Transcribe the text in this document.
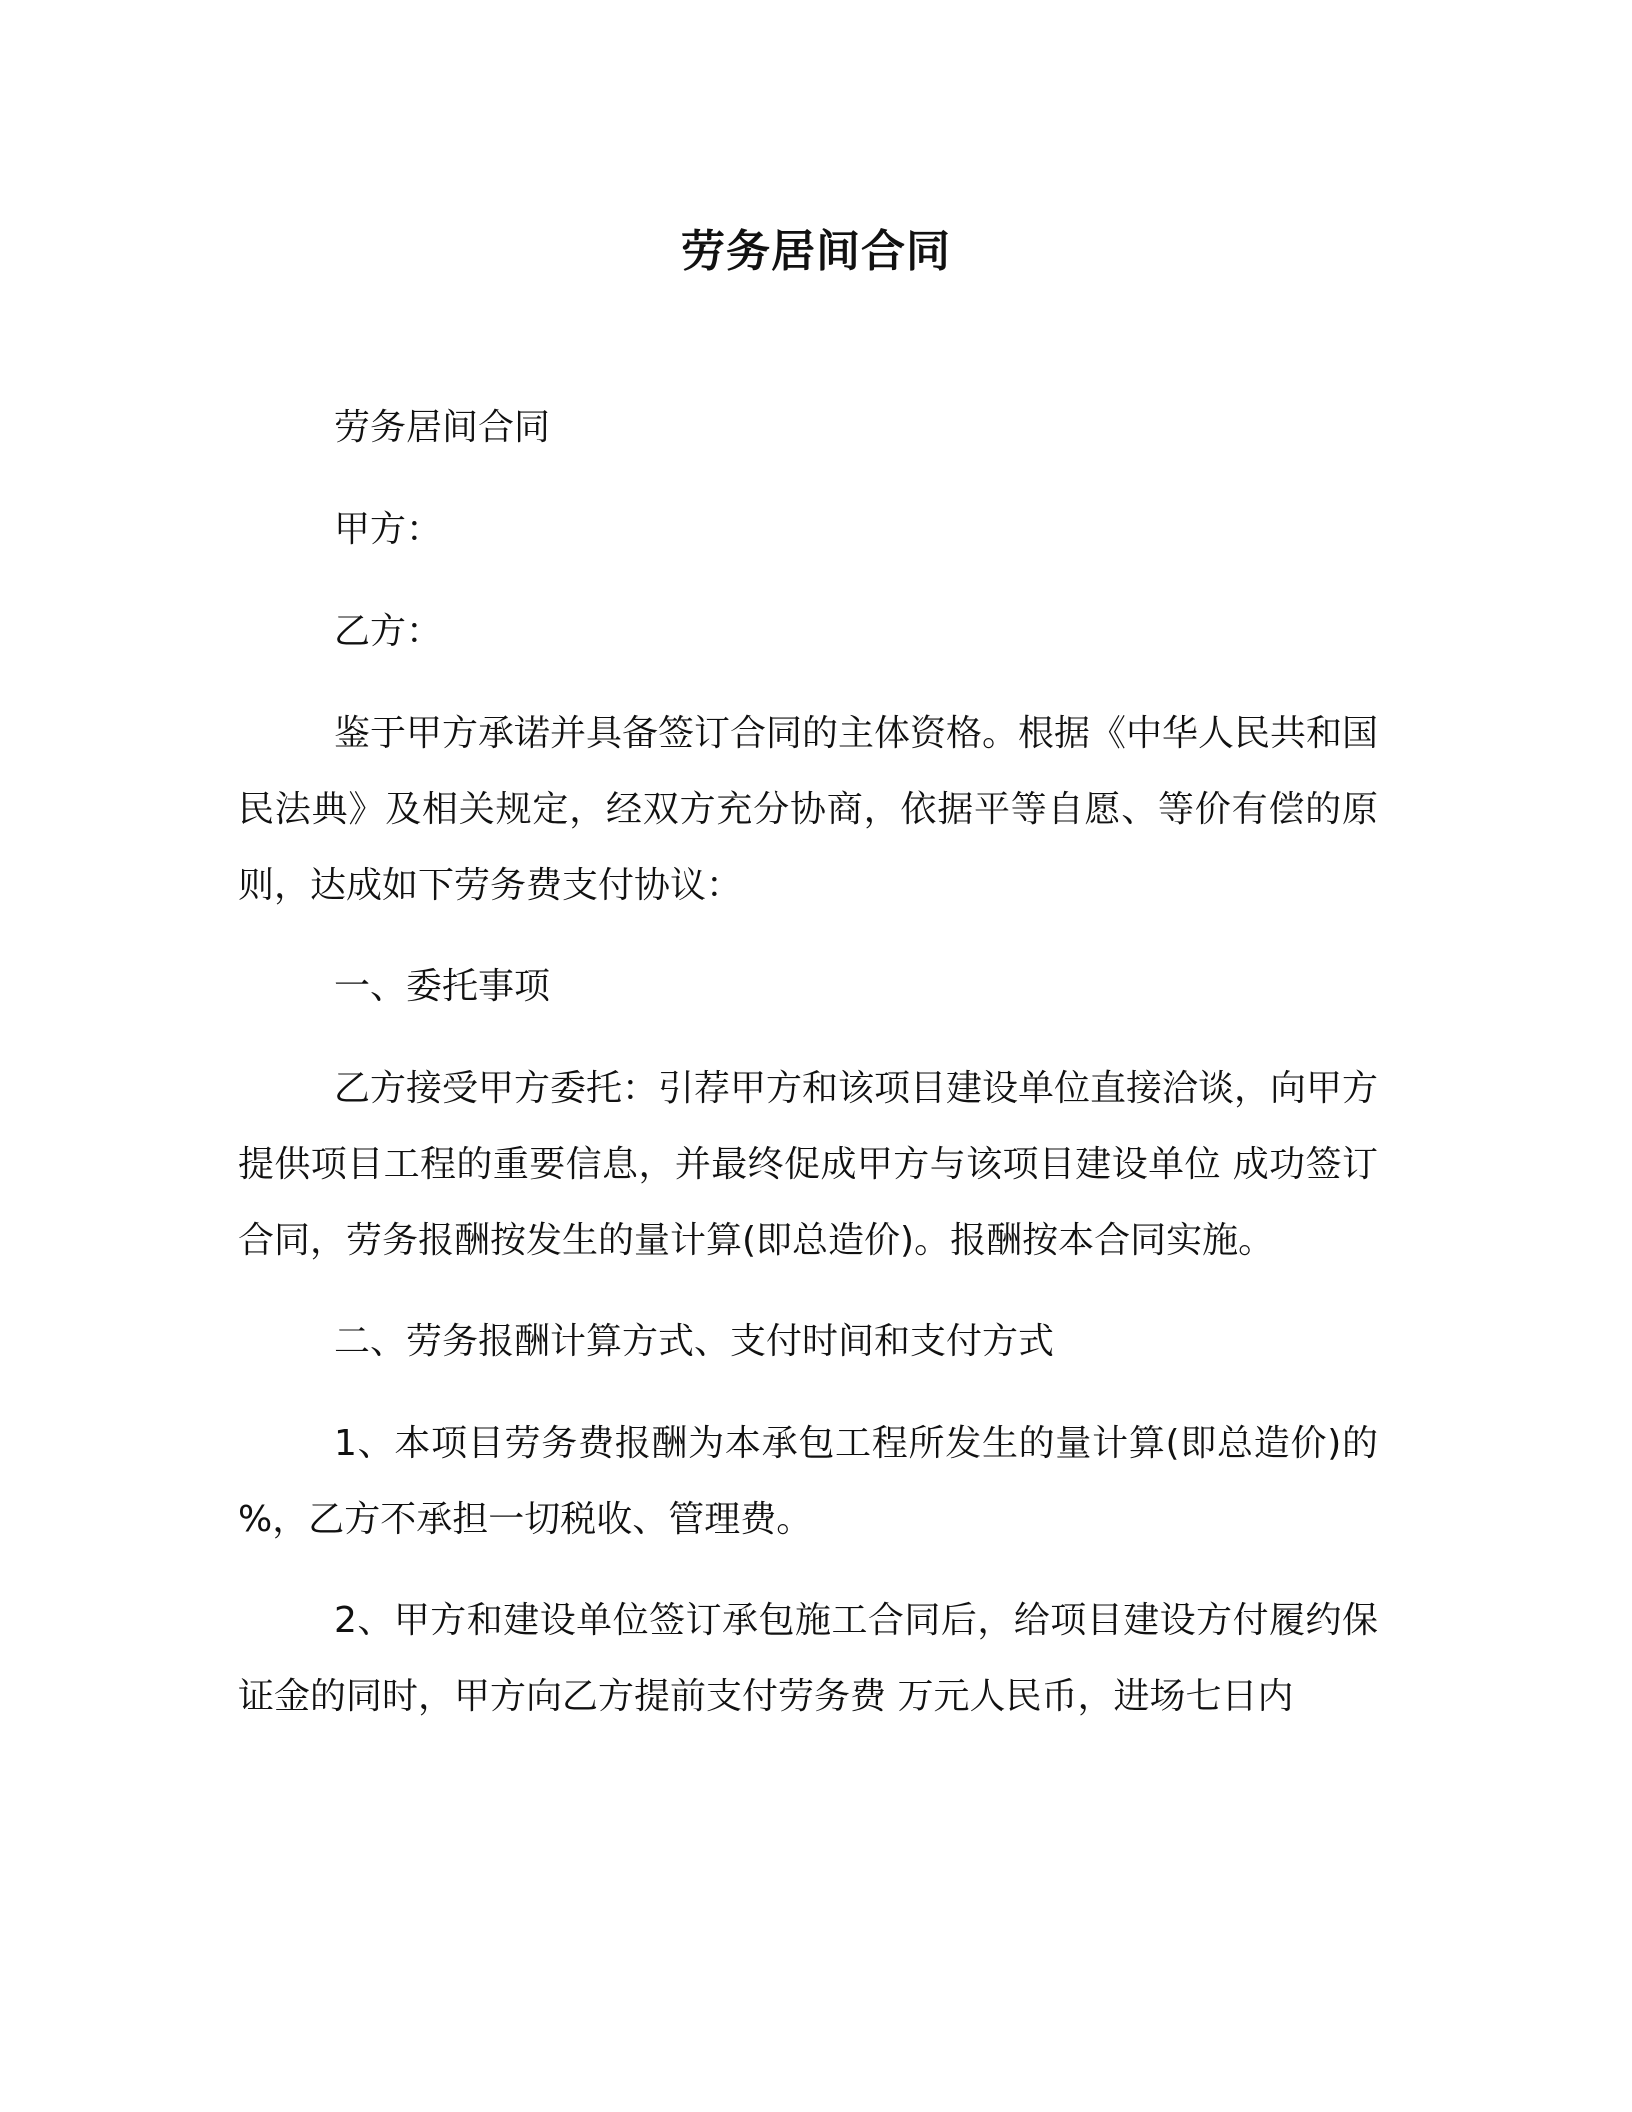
劳务居间合同

劳务居间合同

甲方：

乙方：

鉴于甲方承诺并具备签订合同的主体资格。根据《中华人民共和国民法典》及相关规定，经双方充分协商，依据平等自愿、等价有偿的原则，达成如下劳务费支付协议：

一、委托事项

乙方接受甲方委托：引荐甲方和该项目建设单位直接洽谈，向甲方提供项目工程的重要信息，并最终促成甲方与该项目建设单位 成功签订合同，劳务报酬按发生的量计算(即总造价)。报酬按本合同实施。

二、劳务报酬计算方式、支付时间和支付方式

1、本项目劳务费报酬为本承包工程所发生的量计算(即总造价)的 %，乙方不承担一切税收、管理费。

2、甲方和建设单位签订承包施工合同后，给项目建设方付履约保证金的同时，甲方向乙方提前支付劳务费 万元人民币，进场七日内
